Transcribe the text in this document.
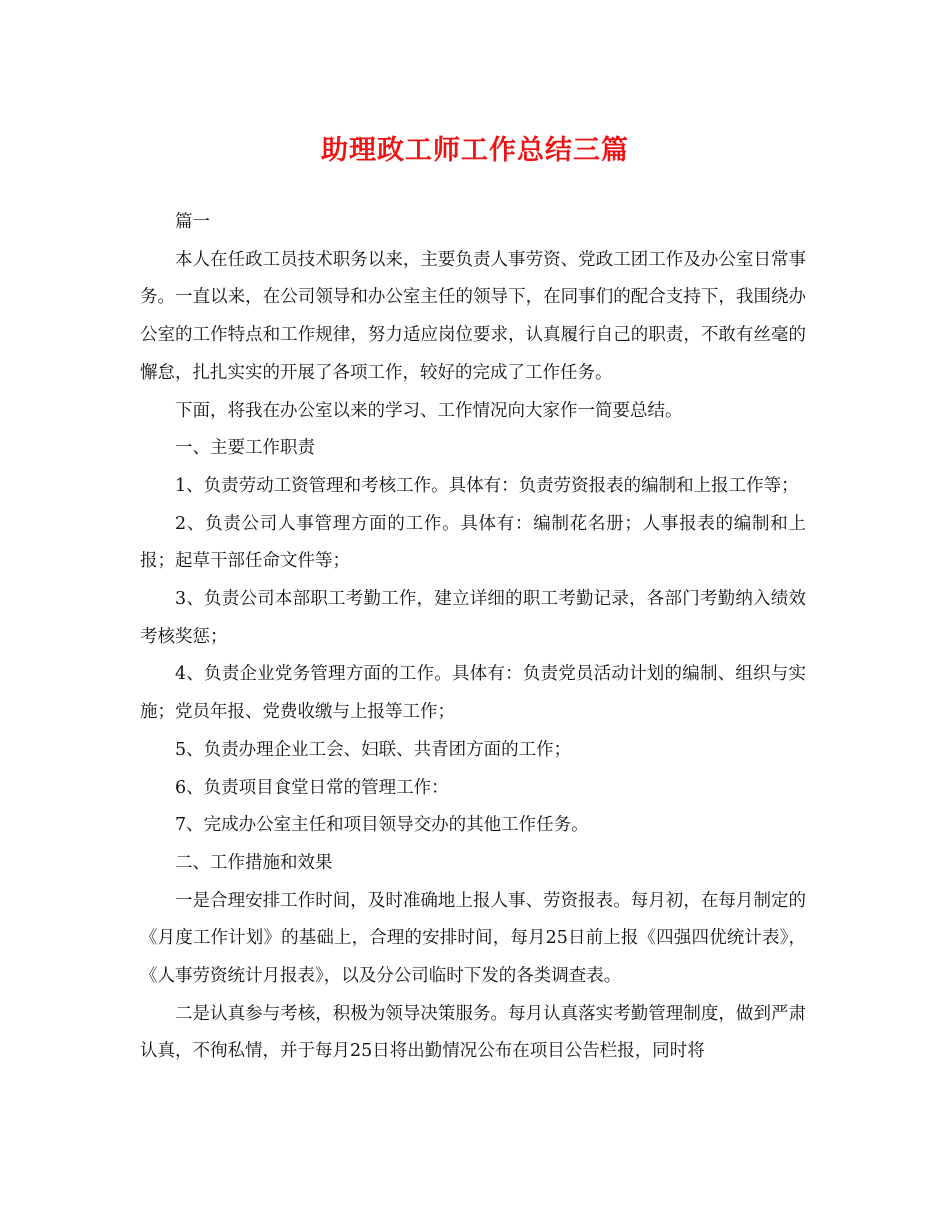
助理政工师工作总结三篇

篇一

本人在任政工员技术职务以来，主要负责人事劳资、党政工团工作及办公室日常事务。一直以来，在公司领导和办公室主任的领导下，在同事们的配合支持下，我围绕办公室的工作特点和工作规律，努力适应岗位要求，认真履行自己的职责，不敢有丝毫的懈怠，扎扎实实的开展了各项工作，较好的完成了工作任务。

下面，将我在办公室以来的学习、工作情况向大家作一简要总结。

一、主要工作职责

1、负责劳动工资管理和考核工作。具体有：负责劳资报表的编制和上报工作等；

2、负责公司人事管理方面的工作。具体有：编制花名册；人事报表的编制和上报；起草干部任命文件等；

3、负责公司本部职工考勤工作，建立详细的职工考勤记录，各部门考勤纳入绩效考核奖惩；

4、负责企业党务管理方面的工作。具体有：负责党员活动计划的编制、组织与实施；党员年报、党费收缴与上报等工作；

5、负责办理企业工会、妇联、共青团方面的工作；

6、负责项目食堂日常的管理工作：

7、完成办公室主任和项目领导交办的其他工作任务。

二、工作措施和效果

一是合理安排工作时间，及时准确地上报人事、劳资报表。每月初，在每月制定的《月度工作计划》的基础上，合理的安排时间，每月25日前上报《四强四优统计表》，《人事劳资统计月报表》，以及分公司临时下发的各类调查表。

二是认真参与考核，积极为领导决策服务。每月认真落实考勤管理制度，做到严肃认真，不徇私情，并于每月25日将出勤情况公布在项目公告栏报，同时将
